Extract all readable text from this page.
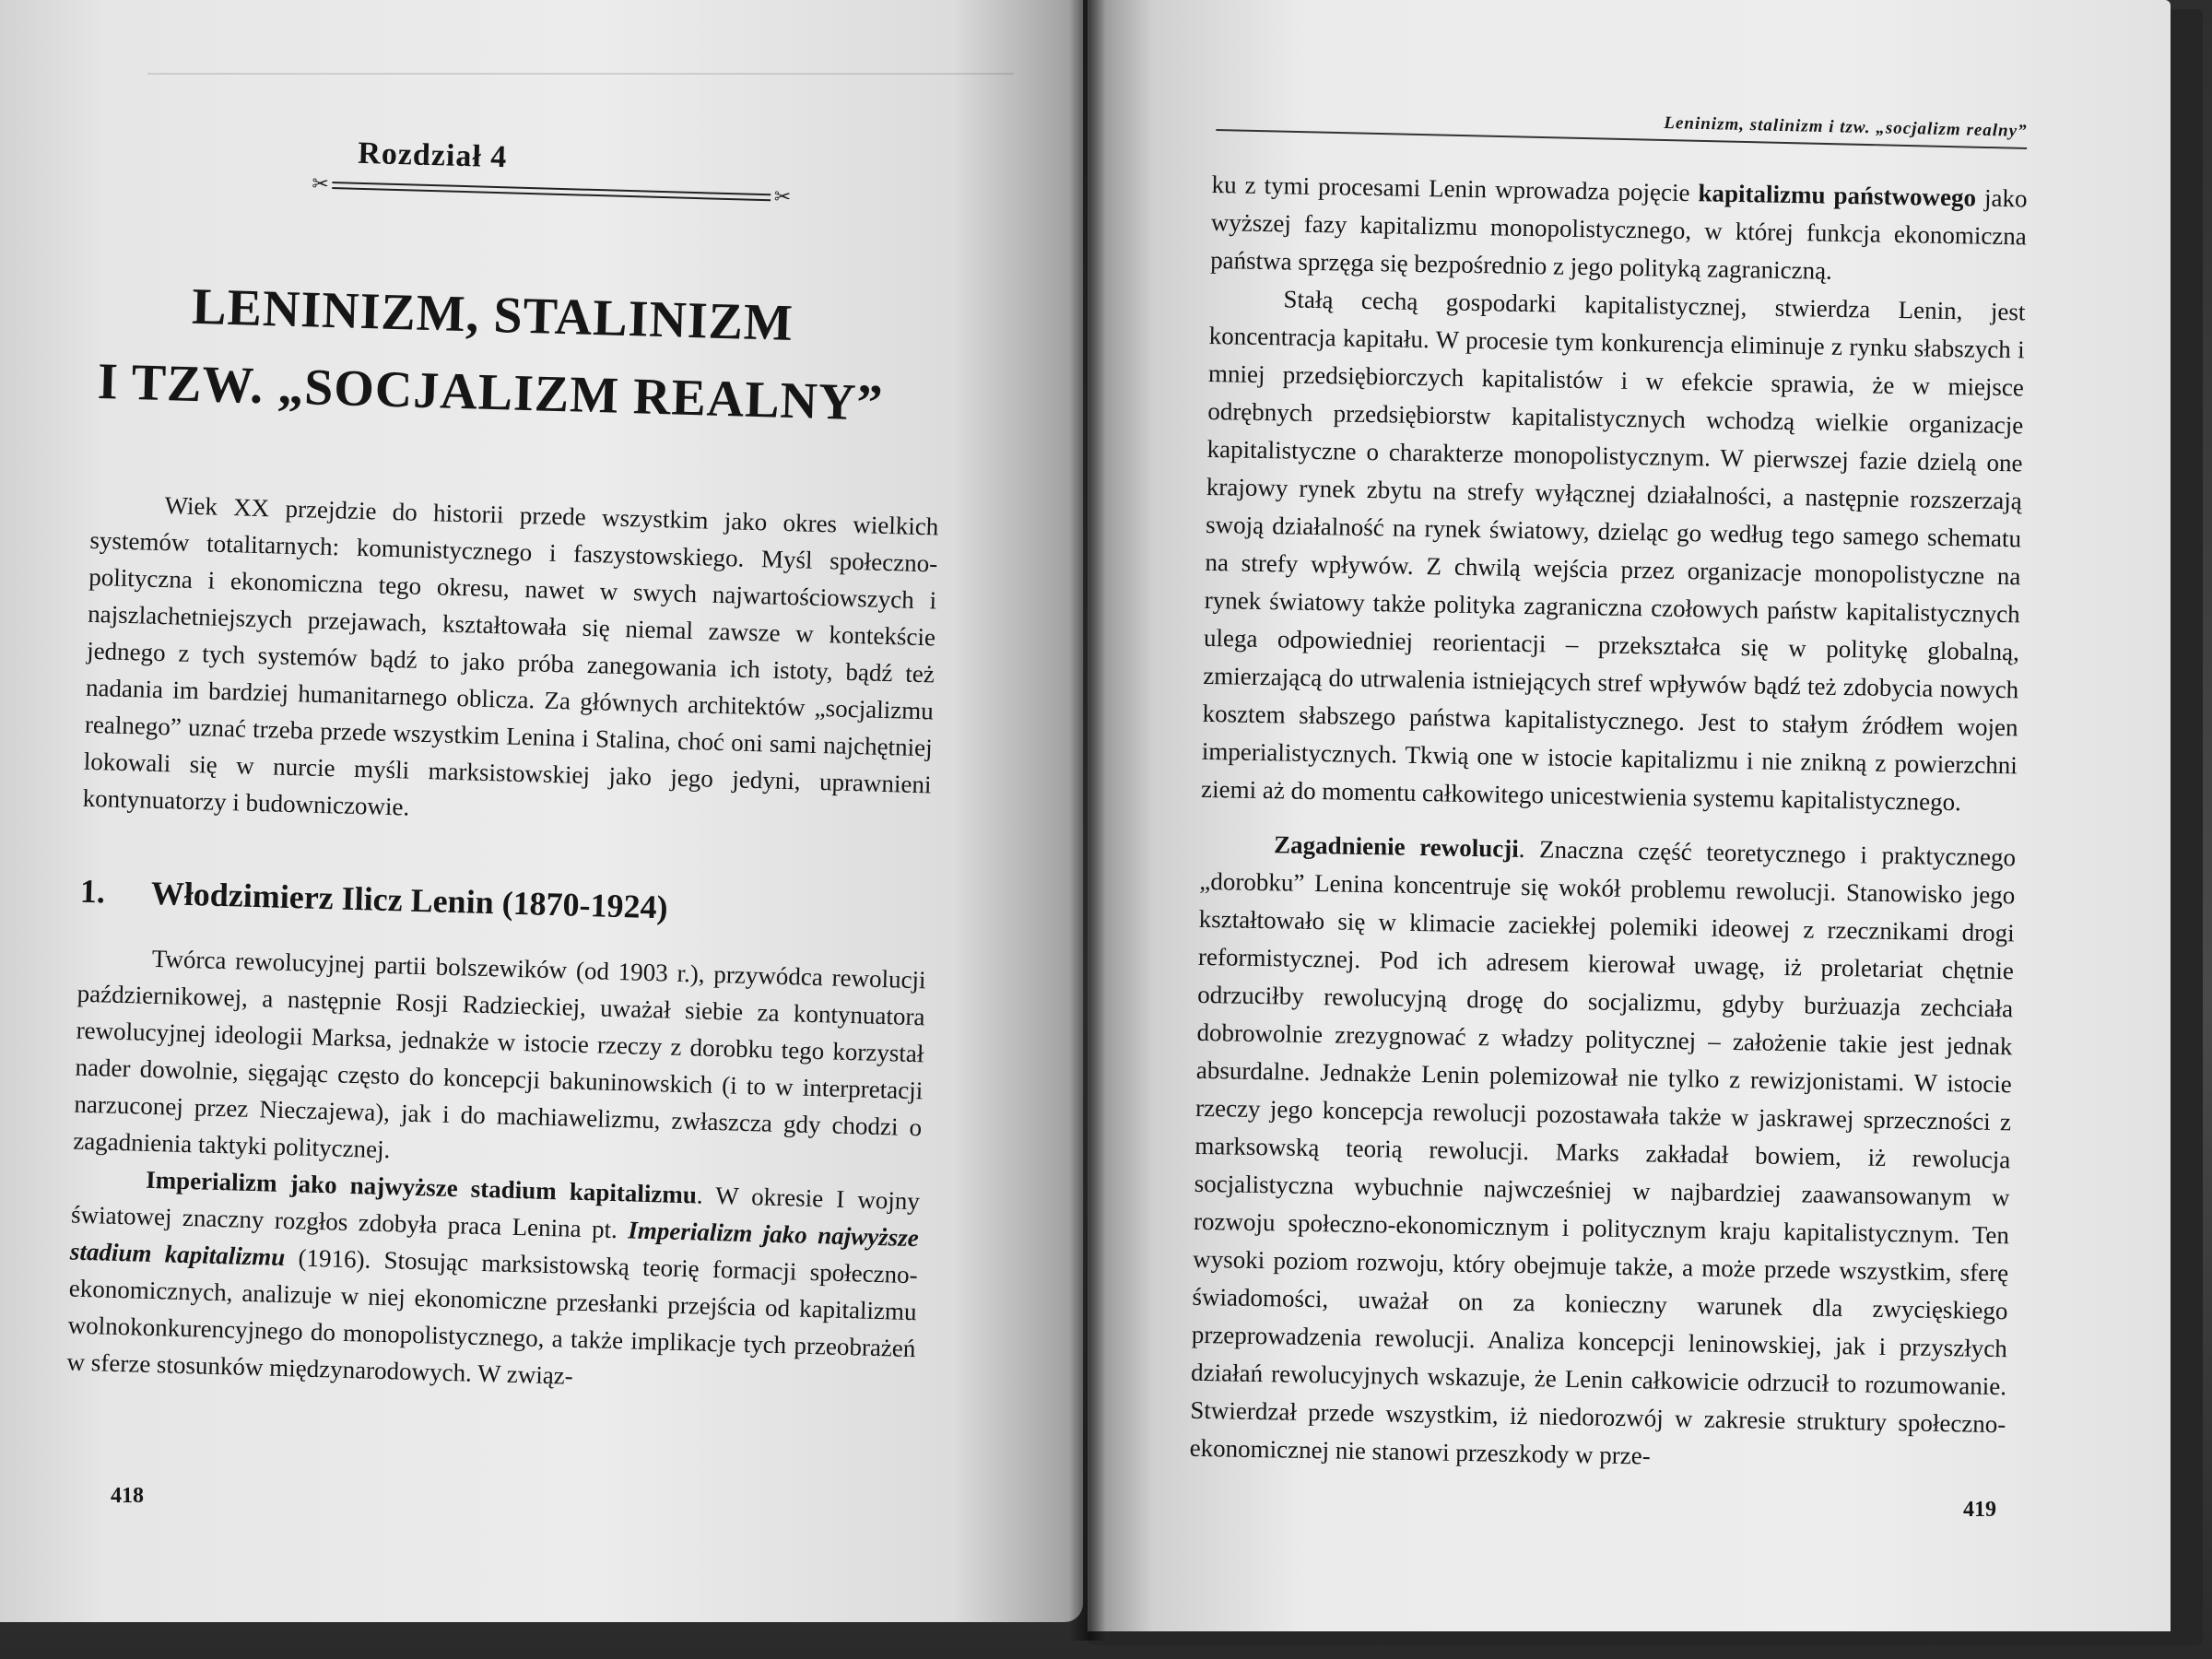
Rozdział 4
✂
✂
LENINIZM, STALINIZM
I TZW. „SOCJALIZM REALNY”

Wiek XX przejdzie do historii przede wszystkim jako okres wielkich systemów totalitarnych: komunistycznego i faszystowskiego. Myśl społeczno-polityczna i ekonomiczna tego okresu, nawet w swych najwartościowszych i najszlachetniejszych przejawach, kształtowała się niemal zawsze w kontekście jednego z tych systemów bądź to jako próba zanegowania ich istoty, bądź też nadania im bardziej humanitarnego oblicza. Za głównych architektów „socjalizmu realnego” uznać trzeba przede wszystkim Lenina i Stalina, choć oni sami najchętniej lokowali się w nurcie myśli marksistowskiej jako jego jedyni, uprawnieni kontynuatorzy i budowniczowie.

1. Włodzimierz Ilicz Lenin (1870-1924)

Twórca rewolucyjnej partii bolszewików (od 1903 r.), przywódca rewolucji październikowej, a następnie Rosji Radzieckiej, uważał siebie za kontynuatora rewolucyjnej ideologii Marksa, jednakże w istocie rzeczy z dorobku tego korzystał nader dowolnie, sięgając często do koncepcji bakuninowskich (i to w interpretacji narzuconej przez Nieczajewa), jak i do machiawelizmu, zwłaszcza gdy chodzi o zagadnienia taktyki politycznej.

Imperializm jako najwyższe stadium kapitalizmu. W okresie I wojny światowej znaczny rozgłos zdobyła praca Lenina pt. Imperializm jako najwyższe stadium kapitalizmu (1916). Stosując marksistowską teorię formacji społeczno-ekonomicznych, analizuje w niej ekonomiczne przesłanki przejścia od kapitalizmu wolnokonkurencyjnego do monopolistycznego, a także implikacje tych przeobrażeń w sferze stosunków międzynarodowych. W związ-

418
Leninizm, stalinizm i tzw. „socjalizm realny”

ku z tymi procesami Lenin wprowadza pojęcie kapitalizmu państwowego jako wyższej fazy kapitalizmu monopolistycznego, w której funkcja ekonomiczna państwa sprzęga się bezpośrednio z jego polityką zagraniczną.

Stałą cechą gospodarki kapitalistycznej, stwierdza Lenin, jest koncentracja kapitału. W procesie tym konkurencja eliminuje z rynku słabszych i mniej przedsiębiorczych kapitalistów i w efekcie sprawia, że w miejsce odrębnych przedsiębiorstw kapitalistycznych wchodzą wielkie organizacje kapitalistyczne o charakterze monopolistycznym. W pierwszej fazie dzielą one krajowy rynek zbytu na strefy wyłącznej działalności, a następnie rozszerzają swoją działalność na rynek światowy, dzieląc go według tego samego schematu na strefy wpływów. Z chwilą wejścia przez organizacje monopolistyczne na rynek światowy także polityka zagraniczna czołowych państw kapitalistycznych ulega odpowiedniej reorientacji – przekształca się w politykę globalną, zmierzającą do utrwalenia istniejących stref wpływów bądź też zdobycia nowych kosztem słabszego państwa kapitalistycznego. Jest to stałym źródłem wojen imperialistycznych. Tkwią one w istocie kapitalizmu i nie znikną z powierzchni ziemi aż do momentu całkowitego unicestwienia systemu kapitalistycznego.

Zagadnienie rewolucji. Znaczna część teoretycznego i praktycznego „dorobku” Lenina koncentruje się wokół problemu rewolucji. Stanowisko jego kształtowało się w klimacie zaciekłej polemiki ideowej z rzecznikami drogi reformistycznej. Pod ich adresem kierował uwagę, iż proletariat chętnie odrzuciłby rewolucyjną drogę do socjalizmu, gdyby burżuazja zechciała dobrowolnie zrezygnować z władzy politycznej – założenie takie jest jednak absurdalne. Jednakże Lenin polemizował nie tylko z rewizjonistami. W istocie rzeczy jego koncepcja rewolucji pozostawała także w jaskrawej sprzeczności z marksowską teorią rewolucji. Marks zakładał bowiem, iż rewolucja socjalistyczna wybuchnie najwcześniej w najbardziej zaawansowanym w rozwoju społeczno-ekonomicznym i politycznym kraju kapitalistycznym. Ten wysoki poziom rozwoju, który obejmuje także, a może przede wszystkim, sferę świadomości, uważał on za konieczny warunek dla zwycięskiego przeprowadzenia rewolucji. Analiza koncepcji leninowskiej, jak i przyszłych działań rewolucyjnych wskazuje, że Lenin całkowicie odrzucił to rozumowanie. Stwierdzał przede wszystkim, iż niedorozwój w zakresie struktury społeczno-ekonomicznej nie stanowi przeszkody w prze-

419
